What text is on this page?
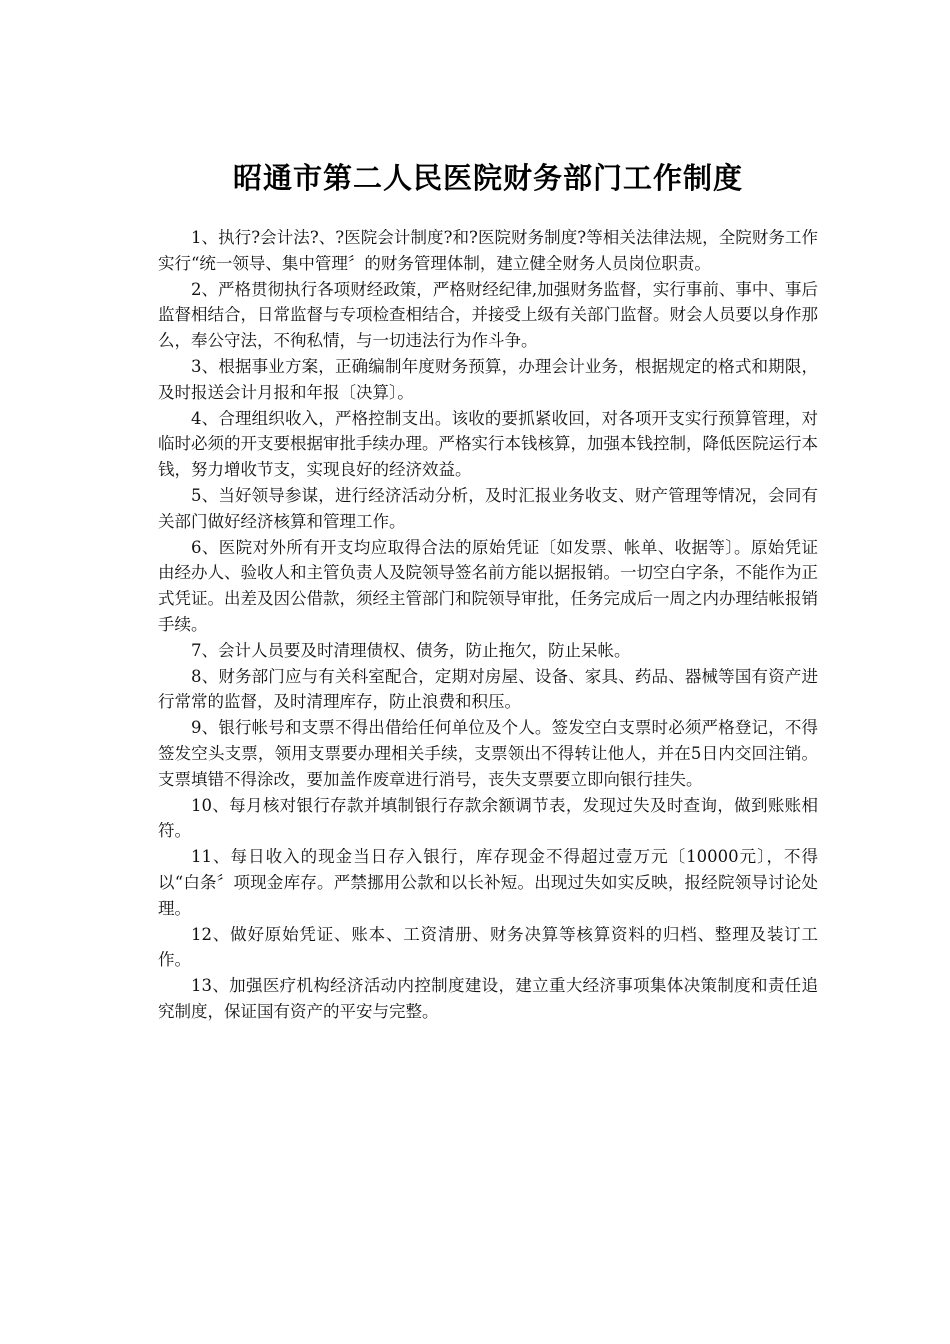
昭通市第二人民医院财务部门工作制度

1、执行?会计法?、?医院会计制度?和?医院财务制度?等相关法律法规，全院财务工作实行“统一领导、集中管理〞的财务管理体制，建立健全财务人员岗位职责。

2、严格贯彻执行各项财经政策，严格财经纪律,加强财务监督，实行事前、事中、事后监督相结合，日常监督与专项检查相结合，并接受上级有关部门监督。财会人员要以身作那么，奉公守法，不徇私情，与一切违法行为作斗争。

3、根据事业方案，正确编制年度财务预算，办理会计业务，根据规定的格式和期限，及时报送会计月报和年报〔决算〕。

4、合理组织收入，严格控制支出。该收的要抓紧收回，对各项开支实行预算管理，对临时必须的开支要根据审批手续办理。严格实行本钱核算，加强本钱控制，降低医院运行本钱，努力增收节支，实现良好的经济效益。

5、当好领导参谋，进行经济活动分析，及时汇报业务收支、财产管理等情况，会同有关部门做好经济核算和管理工作。

6、医院对外所有开支均应取得合法的原始凭证〔如发票、帐单、收据等〕。原始凭证由经办人、验收人和主管负责人及院领导签名前方能以据报销。一切空白字条，不能作为正式凭证。出差及因公借款，须经主管部门和院领导审批，任务完成后一周之内办理结帐报销手续。

7、会计人员要及时清理债权、债务，防止拖欠，防止呆帐。

8、财务部门应与有关科室配合，定期对房屋、设备、家具、药品、器械等国有资产进行常常的监督，及时清理库存，防止浪费和积压。

9、银行帐号和支票不得出借给任何单位及个人。签发空白支票时必须严格登记，不得签发空头支票，领用支票要办理相关手续，支票领出不得转让他人，并在5日内交回注销。支票填错不得涂改，要加盖作废章进行消号，丧失支票要立即向银行挂失。

10、每月核对银行存款并填制银行存款余额调节表，发现过失及时查询，做到账账相符。

11、每日收入的现金当日存入银行，库存现金不得超过壹万元〔10000元〕，不得以“白条〞项现金库存。严禁挪用公款和以长补短。出现过失如实反映，报经院领导讨论处理。

12、做好原始凭证、账本、工资清册、财务决算等核算资料的归档、整理及装订工作。

13、加强医疗机构经济活动内控制度建设，建立重大经济事项集体决策制度和责任追究制度，保证国有资产的平安与完整。
